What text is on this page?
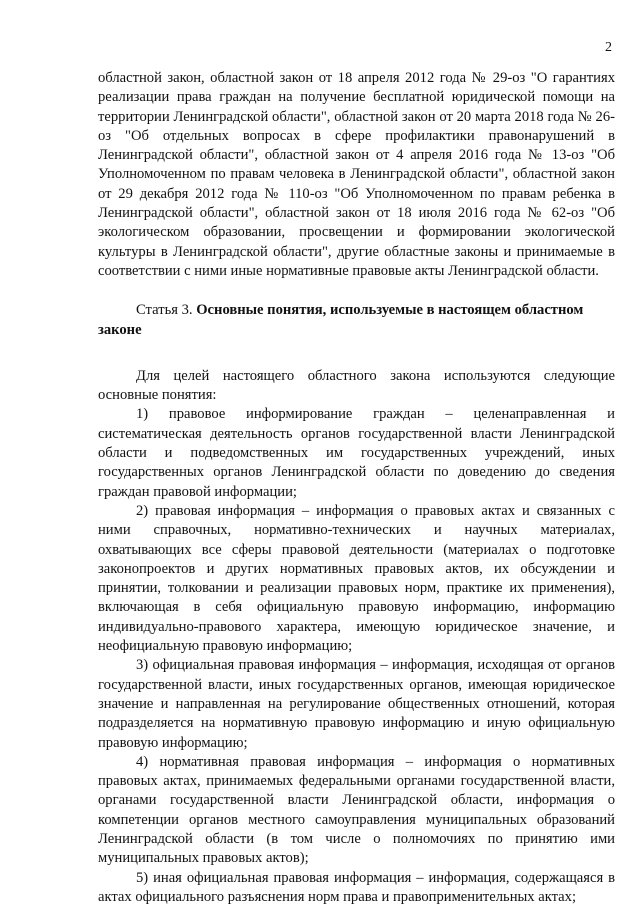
2

областной закон, областной закон от 18 апреля 2012 года № 29-оз "О гарантиях реализации права граждан на получение бесплатной юридической помощи на территории Ленинградской области", областной закон от 20 марта 2018 года № 26-оз "Об отдельных вопросах в сфере профилактики правонарушений в Ленинградской области", областной закон от 4 апреля 2016 года № 13-оз "Об Уполномоченном по правам человека в Ленинградской области", областной закон от 29 декабря 2012 года № 110-оз "Об Уполномоченном по правам ребенка в Ленинградской области", областной закон от 18 июля 2016 года № 62-оз "Об экологическом образовании, просвещении и формировании экологической культуры в Ленинградской области", другие областные законы и принимаемые в соответствии с ними иные нормативные правовые акты Ленинградской области.

Статья 3. Основные понятия, используемые в настоящем областном законе

Для целей настоящего областного закона используются следующие основные понятия:

1) правовое информирование граждан – целенаправленная и систематическая деятельность органов государственной власти Ленинградской области и подведомственных им государственных учреждений, иных государственных органов Ленинградской области по доведению до сведения граждан правовой информации;

2) правовая информация – информация о правовых актах и связанных с ними справочных, нормативно-технических и научных материалах, охватывающих все сферы правовой деятельности (материалах о подготовке законопроектов и других нормативных правовых актов, их обсуждении и принятии, толковании и реализации правовых норм, практике их применения), включающая в себя официальную правовую информацию, информацию индивидуально-правового характера, имеющую юридическое значение, и неофициальную правовую информацию;

3) официальная правовая информация – информация, исходящая от органов государственной власти, иных государственных органов, имеющая юридическое значение и направленная на регулирование общественных отношений, которая подразделяется на нормативную правовую информацию и иную официальную правовую информацию;

4) нормативная правовая информация – информация о нормативных правовых актах, принимаемых федеральными органами государственной власти, органами государственной власти Ленинградской области, информация о компетенции органов местного самоуправления муниципальных образований Ленинградской области (в том числе о полномочиях по принятию ими муниципальных правовых актов);

5) иная официальная правовая информация – информация, содержащаяся в актах официального разъяснения норм права и правоприменительных актах;
